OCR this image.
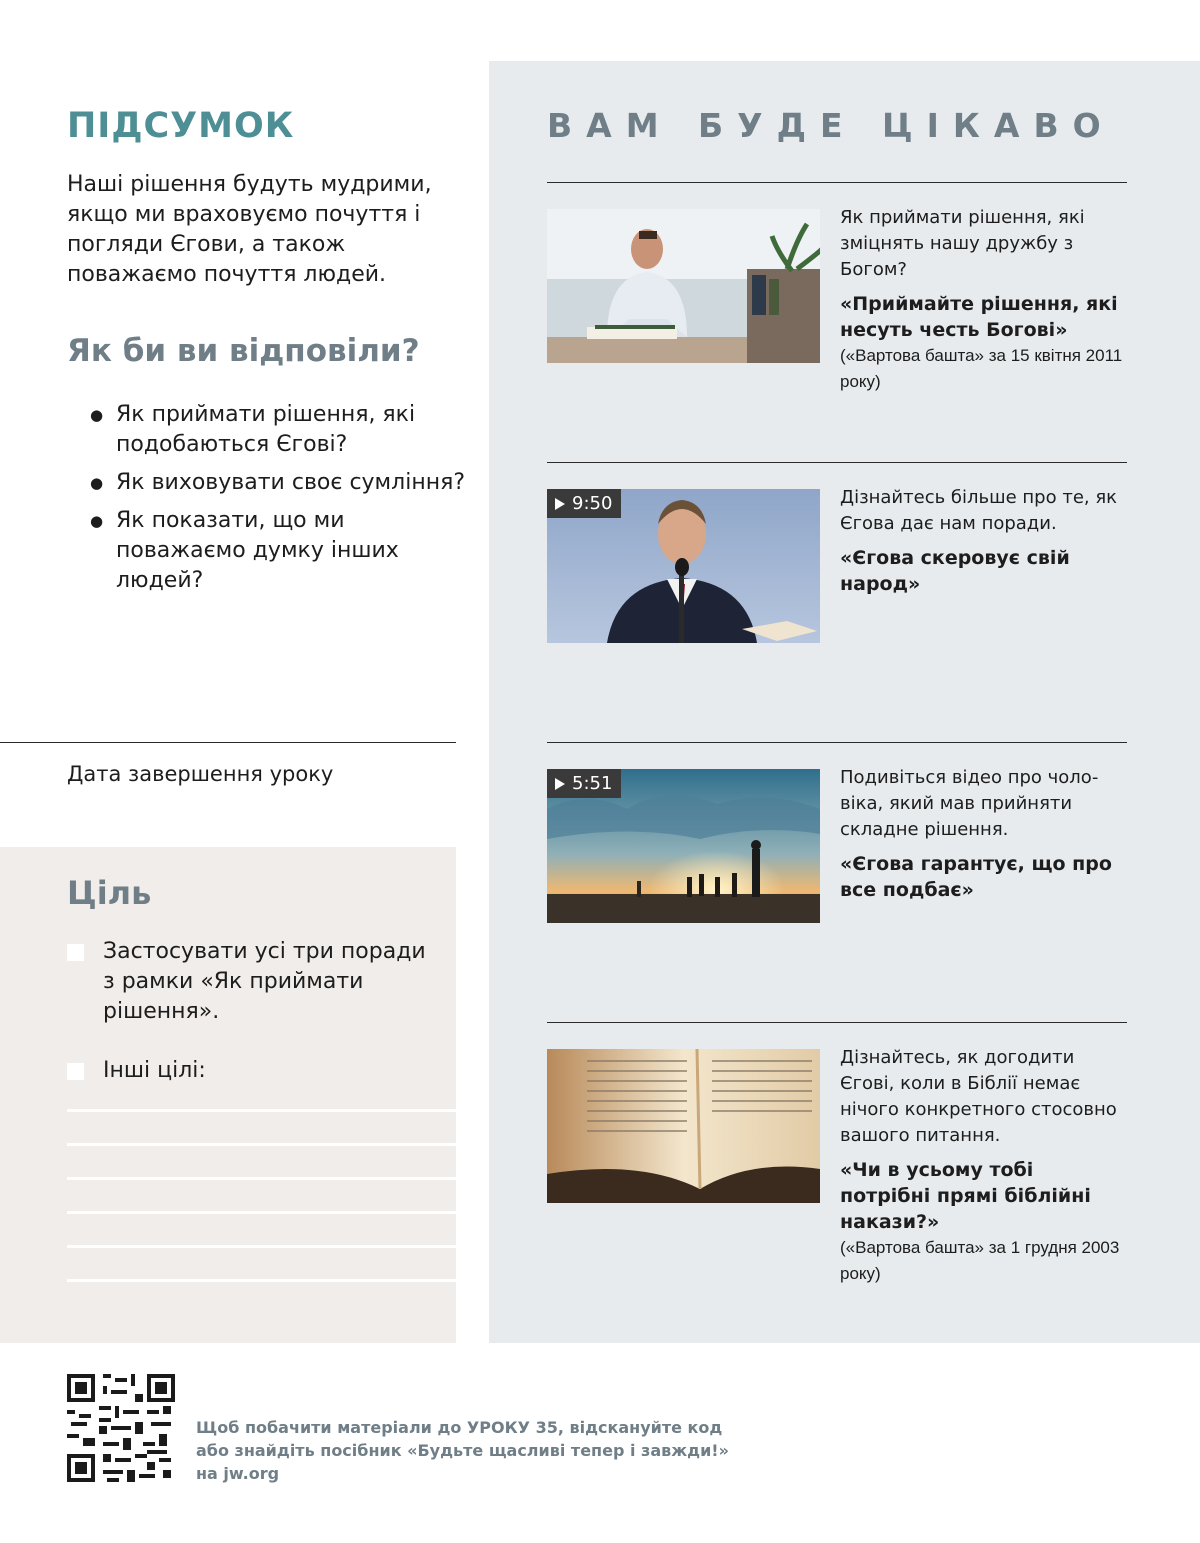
ПІДСУМОК

Наші рішення будуть мудрими, якщо ми враховуємо почуття і погляди Єгови, а також поважаємо почуття людей.

Як би ви відповіли?
● Як приймати рішення, які подобаються Єгові?
● Як виховувати своє сумління?
● Як показати, що ми поважаємо думку інших людей?
Дата завершення уроку
Ціль
Застосувати усі три поради з рамки «Як приймати рішення».
Інші цілі:
ВАМ БУДЕ ЦІКАВО
Як приймати рішення, які зміцнять нашу дружбу з Богом?
«Приймайте рішення, які несуть честь Богові»
(«Вартова башта» за 15 квітня 2011 року)
9:50	Дізнайтесь більше про те, як Єгова дає нам поради.
«Єгова скеровує свій народ»
5:51	Подивіться відео про чоловіка, який мав прийняти складне рішення.
«Єгова гарантує, що про все подбає»
Дізнайтесь, як догодити Єгові, коли в Біблії немає нічого конкретного стосовно вашого питання.
«Чи в усьому тобі потрібні прямі біблійні накази?»
(«Вартова башта» за 1 грудня 2003 року)

Щоб побачити матеріали до УРОКУ 35, відскануйте код або знайдіть посібник «Будьте щасливі тепер і завжди!» на jw.org
